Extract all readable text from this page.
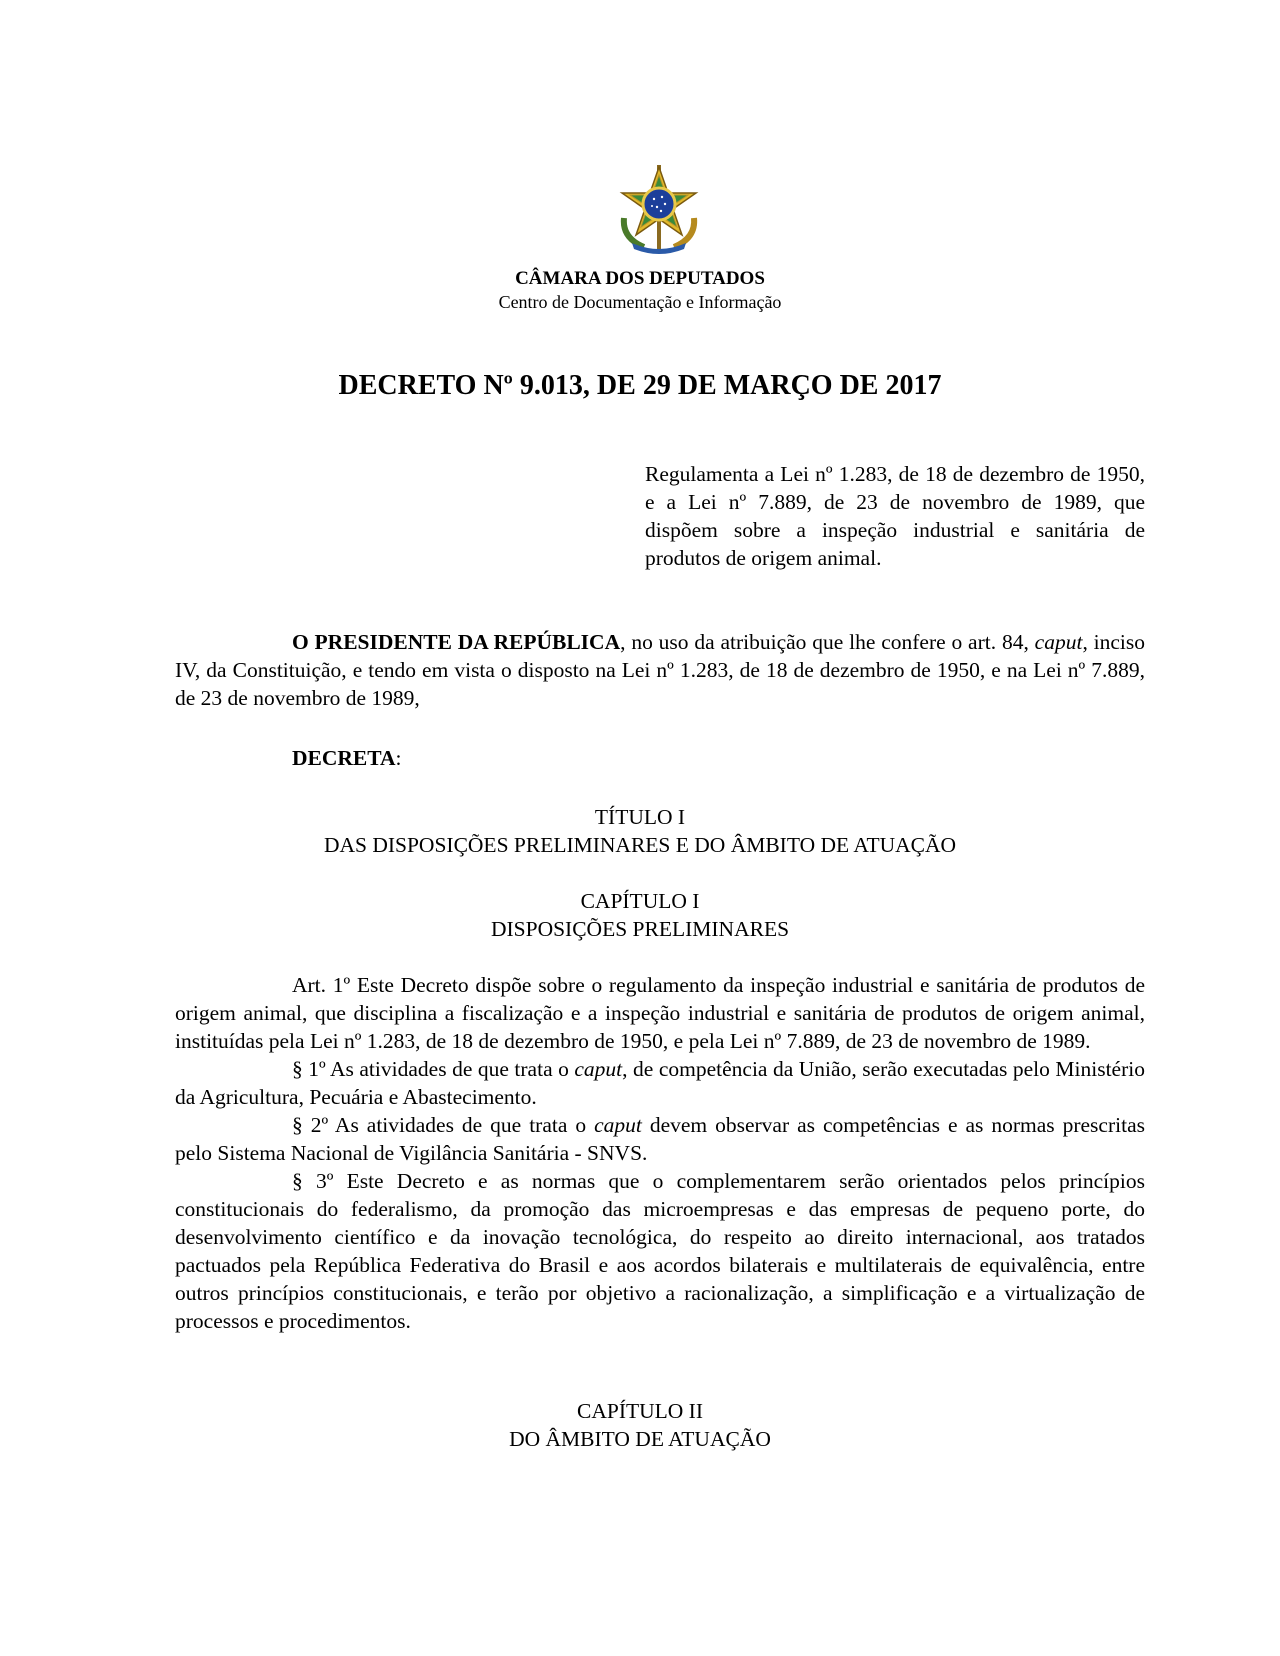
CÂMARA DOS DEPUTADOS
Centro de Documentação e Informação
DECRETO Nº 9.013, DE 29 DE MARÇO DE 2017
Regulamenta a Lei nº 1.283, de 18 de dezembro de 1950, e a Lei nº 7.889, de 23 de novembro de 1989, que dispõem sobre a inspeção industrial e sanitária de produtos de origem animal.

O PRESIDENTE DA REPÚBLICA, no uso da atribuição que lhe confere o art. 84, caput, inciso IV, da Constituição, e tendo em vista o disposto na Lei nº 1.283, de 18 de dezembro de 1950, e na Lei nº 7.889, de 23 de novembro de 1989,

DECRETA:

TÍTULO I
DAS DISPOSIÇÕES PRELIMINARES E DO ÂMBITO DE ATUAÇÃO
CAPÍTULO I
DISPOSIÇÕES PRELIMINARES

Art. 1º Este Decreto dispõe sobre o regulamento da inspeção industrial e sanitária de produtos de origem animal, que disciplina a fiscalização e a inspeção industrial e sanitária de produtos de origem animal, instituídas pela Lei nº 1.283, de 18 de dezembro de 1950, e pela Lei nº 7.889, de 23 de novembro de 1989.

§ 1º As atividades de que trata o caput, de competência da União, serão executadas pelo Ministério da Agricultura, Pecuária e Abastecimento.

§ 2º As atividades de que trata o caput devem observar as competências e as normas prescritas pelo Sistema Nacional de Vigilância Sanitária - SNVS.

§ 3º Este Decreto e as normas que o complementarem serão orientados pelos princípios constitucionais do federalismo, da promoção das microempresas e das empresas de pequeno porte, do desenvolvimento científico e da inovação tecnológica, do respeito ao direito internacional, aos tratados pactuados pela República Federativa do Brasil e aos acordos bilaterais e multilaterais de equivalência, entre outros princípios constitucionais, e terão por objetivo a racionalização, a simplificação e a virtualização de processos e procedimentos.

CAPÍTULO II
DO ÂMBITO DE ATUAÇÃO
